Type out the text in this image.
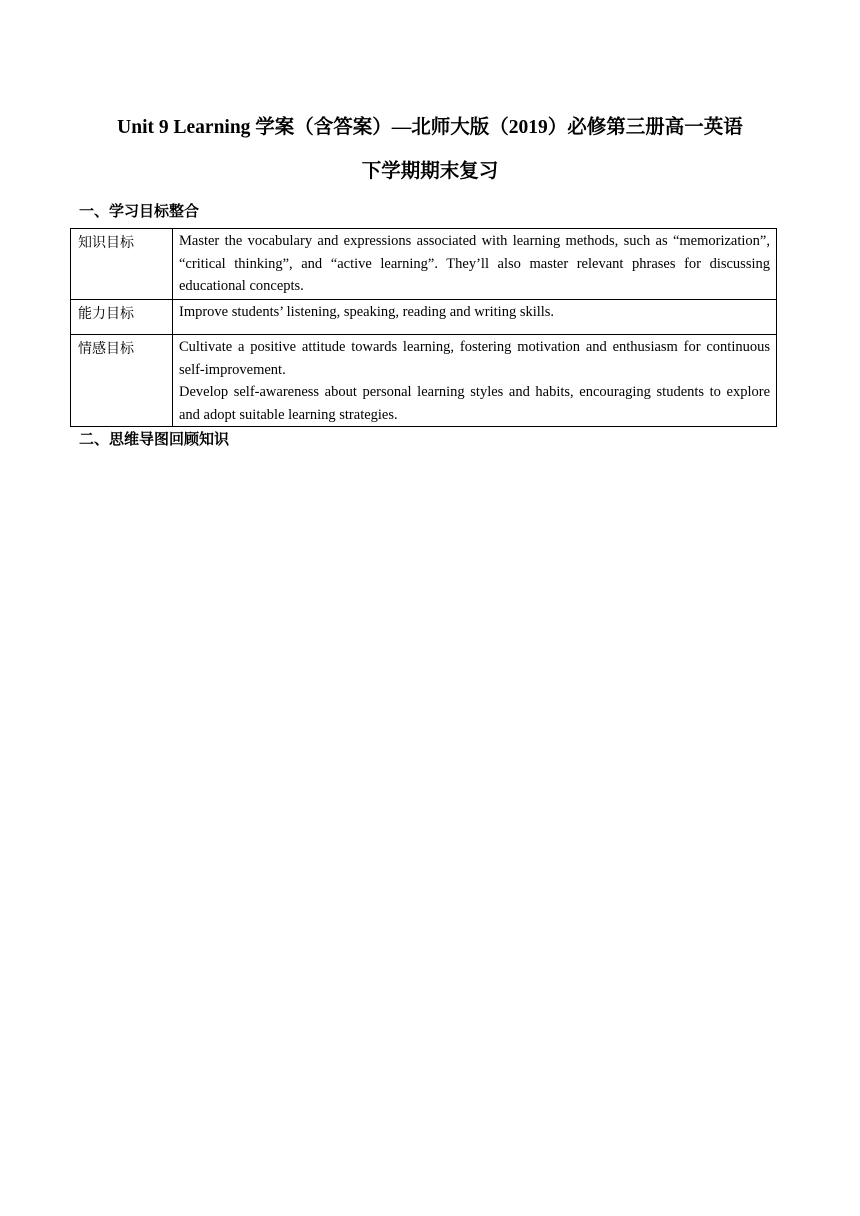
Unit 9 Learning 学案（含答案）—北师大版（2019）必修第三册高一英语
下学期期末复习
一、学习目标整合
知识目标	Master the vocabulary and expressions associated with learning methods, such as “memorization”, “critical thinking”, and “active learning”. They’ll also master relevant phrases for discussing educational concepts.

能力目标	Improve students’ listening, speaking, reading and writing skills.

情感目标	Cultivate a positive attitude towards learning, fostering motivation and enthusiasm for continuous self-improvement.

Develop self-awareness about personal learning styles and habits, encouraging students to explore and adopt suitable learning strategies.

二、思维导图回顾知识
